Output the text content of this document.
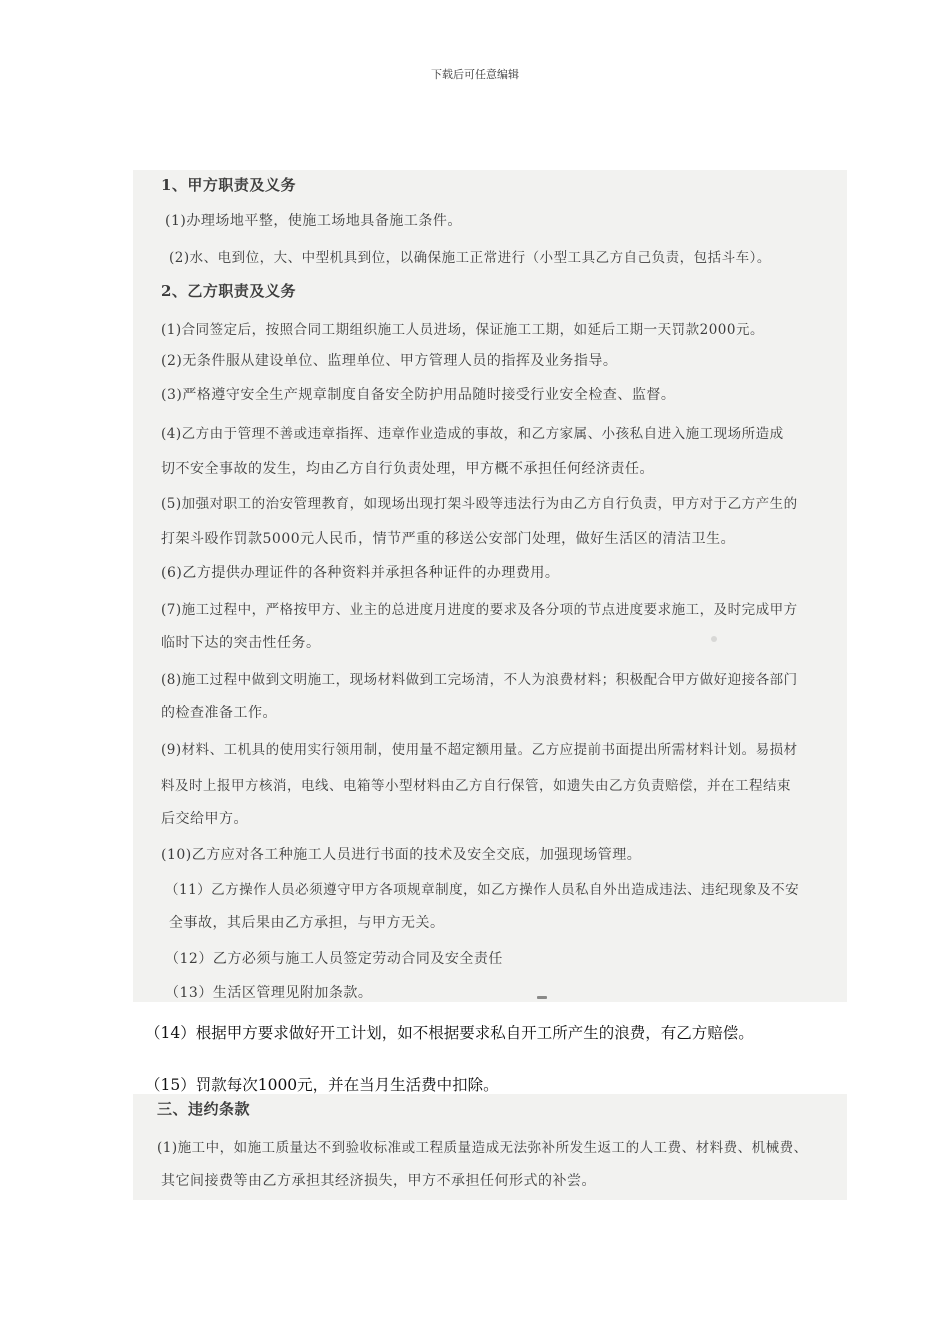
下载后可任意编辑
1、甲方职责及义务
(1)办理场地平整，使施工场地具备施工条件。
(2)水、电到位，大、中型机具到位，以确保施工正常进行（小型工具乙方自己负责，包括斗车）。
2、乙方职责及义务
(1)合同签定后，按照合同工期组织施工人员进场，保证施工工期，如延后工期一天罚款2000元。
(2)无条件服从建设单位、监理单位、甲方管理人员的指挥及业务指导。
(3)严格遵守安全生产规章制度自备安全防护用品随时接受行业安全检查、监督。
(4)乙方由于管理不善或违章指挥、违章作业造成的事故，和乙方家属、小孩私自进入施工现场所造成
切不安全事故的发生，均由乙方自行负责处理，甲方概不承担任何经济责任。
(5)加强对职工的治安管理教育，如现场出现打架斗殴等违法行为由乙方自行负责，甲方对于乙方产生的
打架斗殴作罚款5000元人民币，情节严重的移送公安部门处理，做好生活区的清洁卫生。
(6)乙方提供办理证件的各种资料并承担各种证件的办理费用。
(7)施工过程中，严格按甲方、业主的总进度月进度的要求及各分项的节点进度要求施工，及时完成甲方
临时下达的突击性任务。
(8)施工过程中做到文明施工，现场材料做到工完场清，不人为浪费材料；积极配合甲方做好迎接各部门
的检查准备工作。
(9)材料、工机具的使用实行领用制，使用量不超定额用量。乙方应提前书面提出所需材料计划。易损材
料及时上报甲方核消，电线、电箱等小型材料由乙方自行保管，如遗失由乙方负责赔偿，并在工程结束
后交给甲方。
(10)乙方应对各工种施工人员进行书面的技术及安全交底，加强现场管理。
（11）乙方操作人员必须遵守甲方各项规章制度，如乙方操作人员私自外出造成违法、违纪现象及不安
全事故，其后果由乙方承担，与甲方无关。
（12）乙方必须与施工人员签定劳动合同及安全责任
（13）生活区管理见附加条款。
（14）根据甲方要求做好开工计划，如不根据要求私自开工所产生的浪费，有乙方赔偿。
（15）罚款每次1000元，并在当月生活费中扣除。
三、违约条款
(1)施工中，如施工质量达不到验收标准或工程质量造成无法弥补所发生返工的人工费、材料费、机械费、
其它间接费等由乙方承担其经济损失，甲方不承担任何形式的补尝。
